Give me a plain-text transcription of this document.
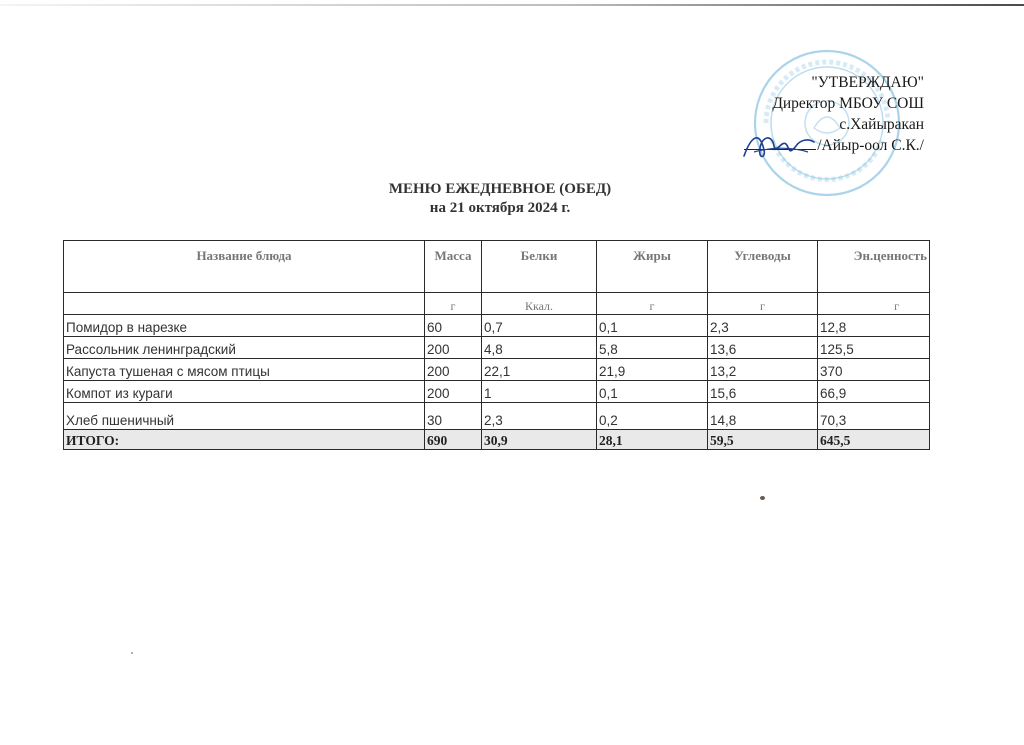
"УТВЕРЖДАЮ"
Директор МБОУ СОШ
с.Хайыракан
/Айыр-оол С.К./
МЕНЮ ЕЖЕДНЕВНОЕ (ОБЕД)
на 21 октября 2024 г.
Название блюда	Масса	Белки	Жиры	Углеводы	Эн.ценность
	г	Ккал.	г	г	г
Помидор в нарезке	60	0,7	0,1	2,3	12,8
Рассольник ленинградский	200	4,8	5,8	13,6	125,5
Капуста тушеная с мясом птицы	200	22,1	21,9	13,2	370
Компот из кураги	200	1	0,1	15,6	66,9
Хлеб пшеничный	30	2,3	0,2	14,8	70,3
ИТОГО:	690	30,9	28,1	59,5	645,5
